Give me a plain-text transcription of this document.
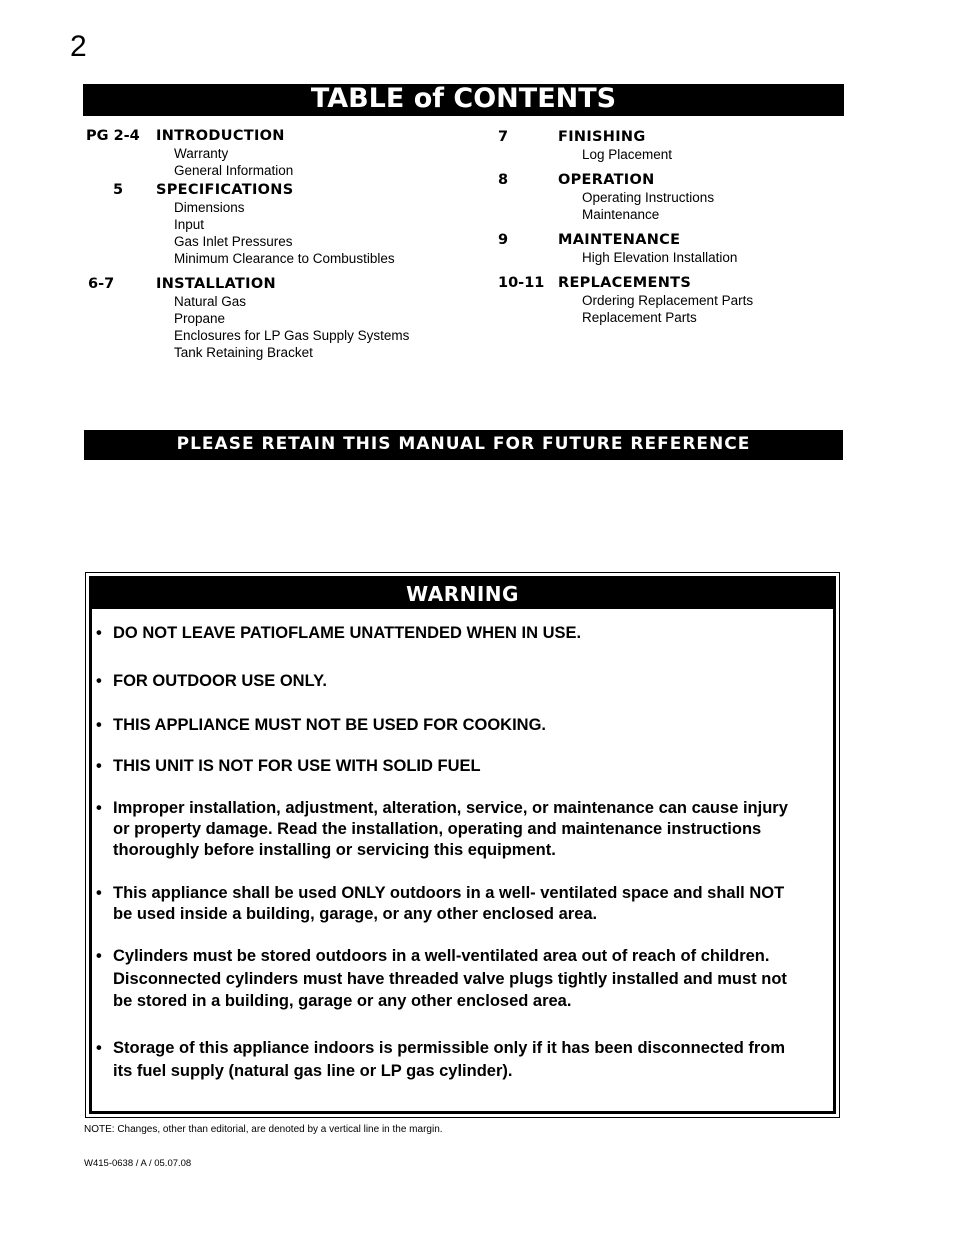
2
TABLE of CONTENTS
PG 2-4 INTRODUCTION
Warranty
General Information
5 SPECIFICATIONS
Dimensions
Input
Gas Inlet Pressures
Minimum Clearance to Combustibles
6-7	INSTALLATION
Natural Gas
Propane
Enclosures for LP Gas Supply Systems
Tank Retaining Bracket
7	FINISHING
Log Placement
8	OPERATION
Operating Instructions
Maintenance
9	MAINTENANCE
High Elevation Installation
10-11 REPLACEMENTS
Ordering Replacement Parts
Replacement Parts
PLEASE RETAIN THIS MANUAL FOR FUTURE REFERENCE
WARNING
• DO NOT LEAVE PATIOFLAME UNATTENDED WHEN IN USE.
• FOR OUTDOOR USE ONLY.
• THIS APPLIANCE MUST NOT BE USED FOR COOKING.
• THIS UNIT IS NOT FOR USE WITH SOLID FUEL
• Improper installation, adjustment, alteration, service, or maintenance can cause injury
or property damage. Read the installation, operating and maintenance instructions
thoroughly before installing or servicing this equipment.
• This appliance shall be used ONLY outdoors in a well- ventilated space and shall NOT
be used inside a building, garage, or any other enclosed area.
• Cylinders must be stored outdoors in a well-ventilated area out of reach of children.
Disconnected cylinders must have threaded valve plugs tightly installed and must not
be stored in a building, garage or any other enclosed area.
• Storage of this appliance indoors is permissible only if it has been disconnected from
its fuel supply (natural gas line or LP gas cylinder).
NOTE: Changes, other than editorial, are denoted by a vertical line in the margin.
W415-0638 / A / 05.07.08
